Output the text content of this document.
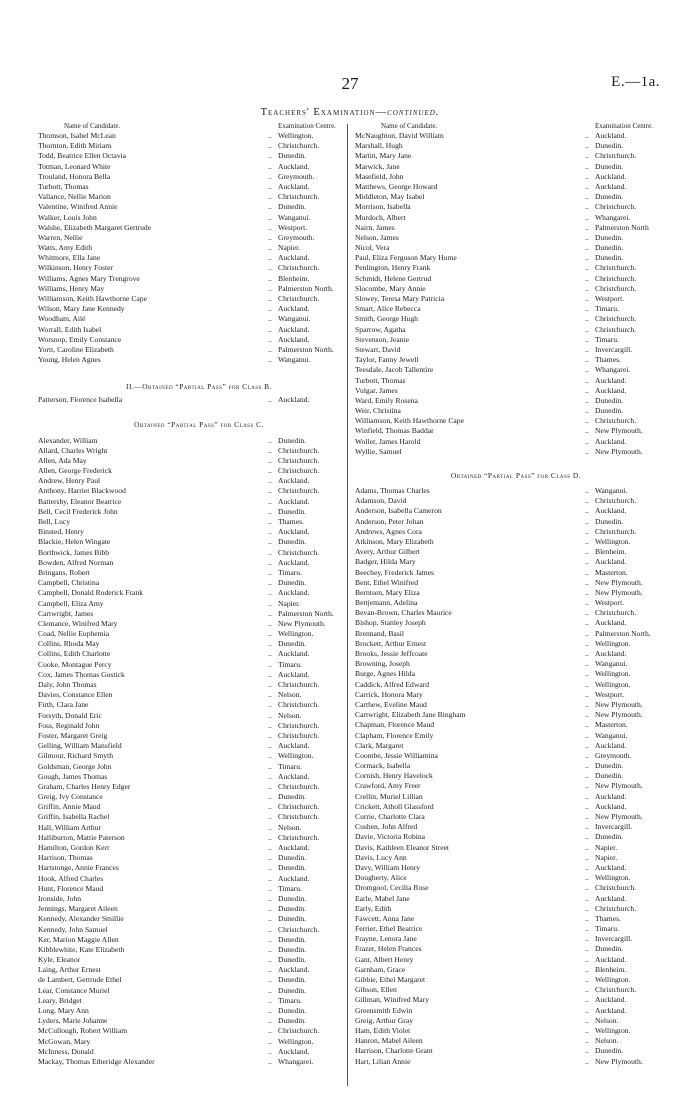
27	E.—1a.
Teachers' Examination—continued.
Name of Candidate.	Examination Centre.
Thomson, Isabel McLean	.. Wellington.
Thornton, Edith Miriam	.. Christchurch.
Todd, Beatrice Ellen Octavia	.. Dunedin.
Totman, Leonard White	.. Auckland.
Trouland, Honora Bella	.. Greymouth.
Turbott, Thomas	.. Auckland.
Vallance, Nellie Marion	.. Christchurch.
Valentine, Winifred Annie	.. Dunedin.
Walker, Louis John	.. Wanganui.
Walshe, Elizabeth Margaret Gertrude	.. Westport.
Warren, Nellie	.. Greymouth.
Watts, Amy Edith	.. Napier.
Whitmore, Ella Jane	.. Auckland.
Wilkinson, Henry Foster	.. Christchurch.
Williams, Agnes Mary Trengrove	.. Blenheim.
Williams, Henry May	.. Palmerston North.
Williamson, Keith Hawthorne Cape	.. Christchurch.
Wilson, Mary Jane Kennedy	.. Auckland.
Woodham, Ailé	.. Wanganui.
Worrall, Edith Isabel	.. Auckland.
Worsnop, Emily Constance	.. Auckland.
Yortt, Caroline Elizabeth	.. Palmerston North.
Young, Helen Agnes	.. Wanganui.
II.—Obtained “Partial Pass” for Class B.
Patterson, Florence Isabella	.. Auckland.
Obtained “Partial Pass” for Class C.
Alexander, William	.. Dunedin.
Allard, Charles Wright	.. Christchurch.
Allen, Ada May	.. Christchurch.
Allen, George Frederick	.. Christchurch.
Andrew, Henry Paul	.. Auckland.
Anthony, Harriet Blackwood	.. Christchurch.
Battersby, Eleanor Beatrice	.. Auckland.
Bell, Cecil Frederick John	.. Dunedin.
Bell, Lucy	.. Thames.
Binsted, Henry	.. Auckland.
Blackie, Helen Wingate	.. Dunedin.
Borthwick, James Bibb	.. Christchurch.
Bowden, Alfred Norman	.. Auckland.
Bringans, Robert	.. Timaru.
Campbell, Christina	.. Dunedin.
Campbell, Donald Roderick Frank	.. Auckland.
Campbell, Eliza Amy	.. Napier.
Cartwright, James	.. Palmerston North.
Clemance, Winifred Mary	.. New Plymouth.
Coad, Nellie Euphemia	.. Wellington.
Collins, Rhoda May	.. Dunedin.
Collins, Edith Charlotte	.. Auckland.
Cooke, Montague Percy	.. Timaru.
Cox, James Thomas Gostick	.. Auckland.
Daly, John Thomas	.. Christchurch.
Davies, Constance Ellen	.. Nelson.
Firth, Clara Jane	.. Christchurch.
Forsyth, Donald Eric	.. Nelson.
Foss, Reginald John	.. Christchurch.
Foster, Margaret Greig	.. Christchurch.
Gelling, William Mansfield	.. Auckland.
Gilmour, Richard Smyth	.. Wellington.
Goldsman, George John	.. Timaru.
Gough, James Thomas	.. Auckland.
Graham, Charles Henry Edger	.. Christchurch.
Greig, Ivy Constance	.. Dunedin.
Griffin, Annie Maud	.. Christchurch.
Griffin, Isabella Rachel	.. Christchurch.
Hall, William Arthur	.. Nelson.
Halliburton, Mattie Paterson	.. Christchurch.
Hamilton, Gordon Kerr	.. Auckland.
Harrison, Thomas	.. Dunedin.
Hartstonge, Annie Frances	.. Dunedin.
Hook, Alfred Charles	.. Auckland.
Hunt, Florence Maud	.. Timaru.
Ironside, John	.. Dunedin.
Jennings, Margaret Aileen	.. Dunedin.
Kennedy, Alexander Smillie	.. Dunedin.
Kennedy, John Samuel	.. Christchurch.
Ker, Marion Maggie Allen	.. Dunedin.
Kibblewhite, Kate Elizabeth	.. Dunedin.
Kyle, Eleanor	.. Dunedin.
Laing, Arthur Ernest	.. Auckland.
de Lambert, Gertrude Ethel	.. Dunedin.
Lear, Constance Muriel	.. Dunedin.
Leary, Bridget	.. Timaru.
Long, Mary Ann	.. Dunedin.
Lyders, Marie Johanne	.. Dunedin.
McCullough, Robert William	.. Christchurch.
McGowan, Mary	.. Wellington.
McInness, Donald	.. Auckland.
Mackay, Thomas Etheridge Alexander	.. Whangarei.
Name of Candidate.	Examination Centre.
McNaughton, David William	.. Auckland.
Marshall, Hugh	.. Dunedin.
Martin, Mary Jane	.. Christchurch.
Marwick, Jane	.. Dunedin.
Masefield, John	.. Auckland.
Matthews, George Howard	.. Auckland.
Middleton, May Isabel	.. Dunedin.
Morrison, Isabella	.. Christchurch.
Murdoch, Albert	.. Whangarei.
Nairn, James	.. Palmerston North
Nelson, James	.. Dunedin.
Nicol, Vera	.. Dunedin.
Paul, Eliza Ferguson Mary Hume	.. Dunedin.
Penlington, Henry Frank	.. Christchurch.
Schmidt, Helene Gertrud	.. Christchurch.
Slocombe, Mary Annie	.. Christchurch.
Slowey, Teresa Mary Patricia	.. Westport.
Smart, Alice Rebecca	.. Timaru.
Smith, George Hugh	.. Christchurch.
Sparrow, Agatha	.. Christchurch.
Stevenson, Jeanie	.. Timaru.
Stewart, David	.. Invercargill.
Taylor, Fanny Jewell	.. Thames.
Teesdale, Jacob Tallentire	.. Whangarei.
Turbott, Thomas	.. Auckland.
Vulgar, James	.. Auckland.
Ward, Emily Rosena	.. Dunedin.
Weir, Christina	.. Dunedin.
Williamson, Keith Hawthorne Cape	.. Christchurch.
Winfield, Thomas Baddar	.. New Plymouth.
Woller, James Harold	.. Auckland.
Wyllie, Samuel	.. New Plymouth.
Obtained “Partial Pass” for Class D.
Adams, Thomas Charles	.. Wanganui.
Adamson, David	.. Christchurch.
Anderson, Isabella Cameron	.. Auckland.
Anderson, Peter Johan	.. Dunedin.
Andrews, Agnes Cora	.. Christchurch.
Atkinson, Mary Elizabeth	.. Wellington.
Avery, Arthur Gilbert	.. Blenheim.
Badger, Hilda Mary	.. Auckland.
Beechey, Frederick James	.. Masterton.
Bent, Ethel Winifred	.. New Plymouth.
Berntsen, Mary Eliza	.. New Plymouth.
Bettjemann, Adelina	.. Westport.
Bevan-Brown, Charles Maurice	.. Christchurch.
Bishop, Stanley Joseph	.. Auckland.
Brennand, Basil	.. Palmerston North.
Brockett, Arthur Ernest	.. Wellington.
Brooks, Jessie Jeffcoate	.. Auckland.
Browning, Joseph	.. Wanganui.
Burge, Agnes Hilda	.. Wellington.
Caddick, Alfred Edward	.. Wellington.
Carrick, Honora Mary	.. Westport.
Carthew, Eveline Maud	.. New Plymouth.
Cartwright, Elizabeth Jane Bingham	.. New Plymouth.
Chapman, Florence Maud	.. Masterton.
Clapham, Florence Emily	.. Wanganui.
Clark, Margaret	.. Auckland.
Coombe, Jessie Williamina	.. Greymouth.
Cormack, Isabella	.. Dunedin.
Cornish, Henry Havelock	.. Dunedin.
Crawford, Amy Freer	.. New Plymouth.
Crellin, Muriel Lillian	.. Auckland.
Crickett, Atholl Glassford	.. Auckland.
Currie, Charlotte Clara	.. New Plymouth.
Cushen, John Alfred	.. Invercargill.
Davie, Victoria Robina	.. Dunedin.
Davis, Kathleen Eleanor Street	.. Napier.
Davis, Lucy Ann	.. Napier.
Davy, William Henry	.. Auckland.
Dougherty, Alice	.. Wellington.
Dromgool, Cecilia Rose	.. Christchurch.
Earle, Mabel Jane	.. Auckland.
Early, Edith	.. Christchurch.
Fawcett, Anna Jane	.. Thames.
Ferrier, Ethel Beatrice	.. Timaru.
Frayne, Lenora Jane	.. Invercargill.
Frazer, Helen Frances	.. Dunedin.
Gant, Albert Henry	.. Auckland.
Garnham, Grace	.. Blenheim.
Gibbie, Ethel Margaret	.. Wellington.
Gibson, Ellen	.. Christchurch.
Gillman, Winifred Mary	.. Auckland.
Greensmith Edwin	.. Auckland.
Greig, Arthur Gray	.. Nelson.
Ham, Edith Violet	.. Wellington.
Hanron, Mabel Aileen	.. Nelson.
Harrison, Charlotte Grant	.. Dunedin.
Hart, Lilian Annie	.. New Plymouth.
